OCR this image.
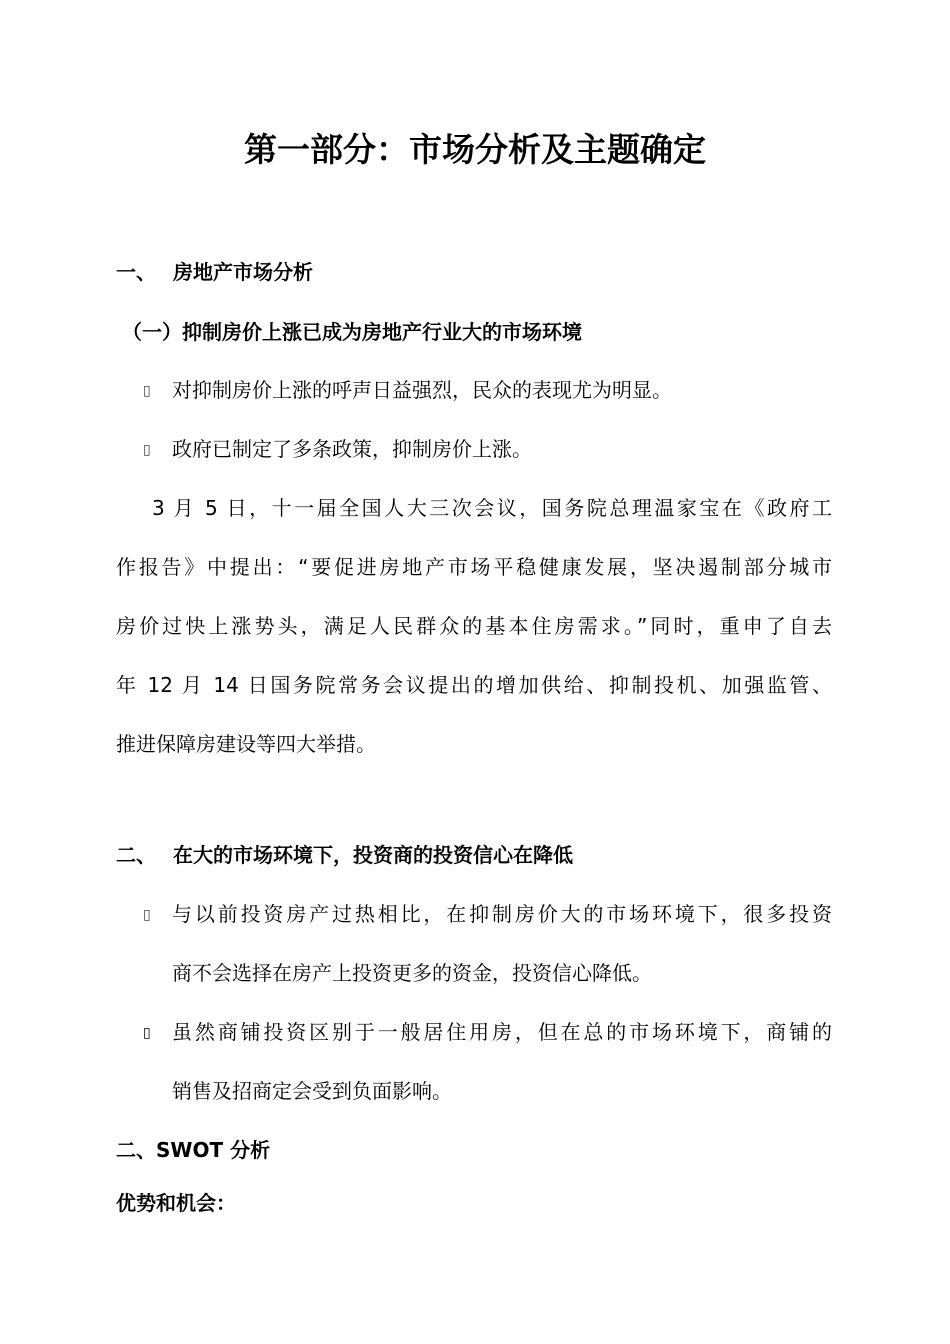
第一部分：市场分析及主题确定
一、 房地产市场分析
（一）抑制房价上涨已成为房地产行业大的市场环境
▯ 对抑制房价上涨的呼声日益强烈，民众的表现尤为明显。
▯ 政府已制定了多条政策，抑制房价上涨。
3 月 5 日，十一届全国人大三次会议，国务院总理温家宝在《政府工
作报告》中提出：“要促进房地产市场平稳健康发展，坚决遏制部分城市
房价过快上涨势头，满足人民群众的基本住房需求。”同时，重申了自去
年 12 月 14 日国务院常务会议提出的增加供给、抑制投机、加强监管、
推进保障房建设等四大举措。
二、 在大的市场环境下，投资商的投资信心在降低
▯ 与以前投资房产过热相比，在抑制房价大的市场环境下，很多投资
商不会选择在房产上投资更多的资金，投资信心降低。
▯ 虽然商铺投资区别于一般居住用房，但在总的市场环境下，商铺的
销售及招商定会受到负面影响。
二、SWOT 分析
优势和机会：
